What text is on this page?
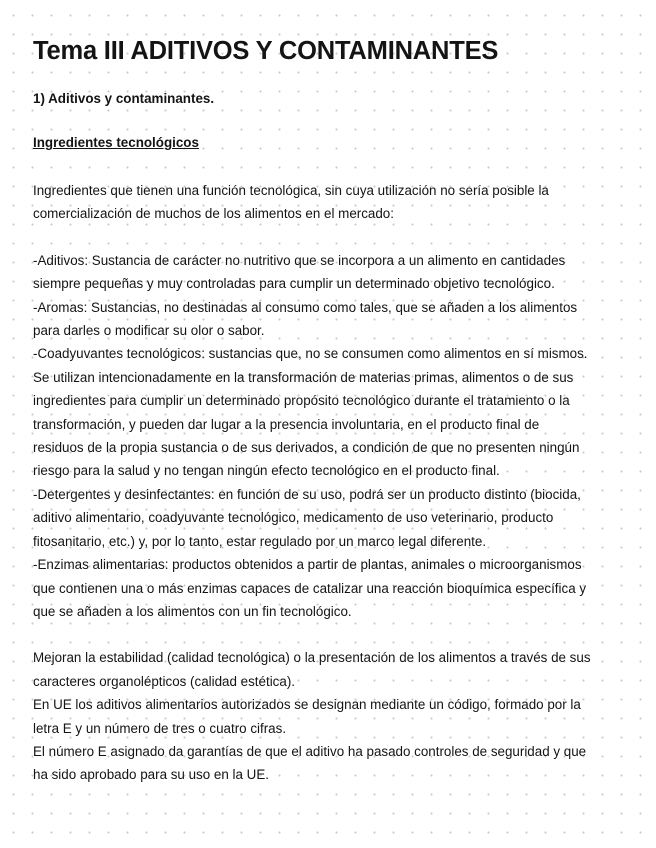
Tema III ADITIVOS Y CONTAMINANTES

1) Aditivos y contaminantes.

Ingredientes tecnológicos

Ingredientes que tienen una función tecnológica, sin cuya utilización no sería posible la
comercialización de muchos de los alimentos en el mercado:

-Aditivos: Sustancia de carácter no nutritivo que se incorpora a un alimento en cantidades
siempre pequeñas y muy controladas para cumplir un determinado objetivo tecnológico.
-Aromas: Sustancias, no destinadas al consumo como tales, que se añaden a los alimentos
para darles o modificar su olor o sabor.
-Coadyuvantes tecnológicos: sustancias que, no se consumen como alimentos en sí mismos.
Se utilizan intencionadamente en la transformación de materias primas, alimentos o de sus
ingredientes para cumplir un determinado propósito tecnológico durante el tratamiento o la
transformación, y pueden dar lugar a la presencia involuntaria, en el producto final de
residuos de la propia sustancia o de sus derivados, a condición de que no presenten ningún
riesgo para la salud y no tengan ningún efecto tecnológico en el producto final.
-Detergentes y desinfectantes: en función de su uso, podrá ser un producto distinto (biocida,
aditivo alimentario, coadyuvante tecnológico, medicamento de uso veterinario, producto
fitosanitario, etc.) y, por lo tanto, estar regulado por un marco legal diferente.
-Enzimas alimentarias: productos obtenidos a partir de plantas, animales o microorganismos
que contienen una o más enzimas capaces de catalizar una reacción bioquímica específica y
que se añaden a los alimentos con un fin tecnológico.

Mejoran la estabilidad (calidad tecnológica) o la presentación de los alimentos a través de sus
caracteres organolépticos (calidad estética).
En UE los aditivos alimentarios autorizados se designan mediante un código, formado por la
letra E y un número de tres o cuatro cifras.
El número E asignado da garantías de que el aditivo ha pasado controles de seguridad y que
ha sido aprobado para su uso en la UE.
